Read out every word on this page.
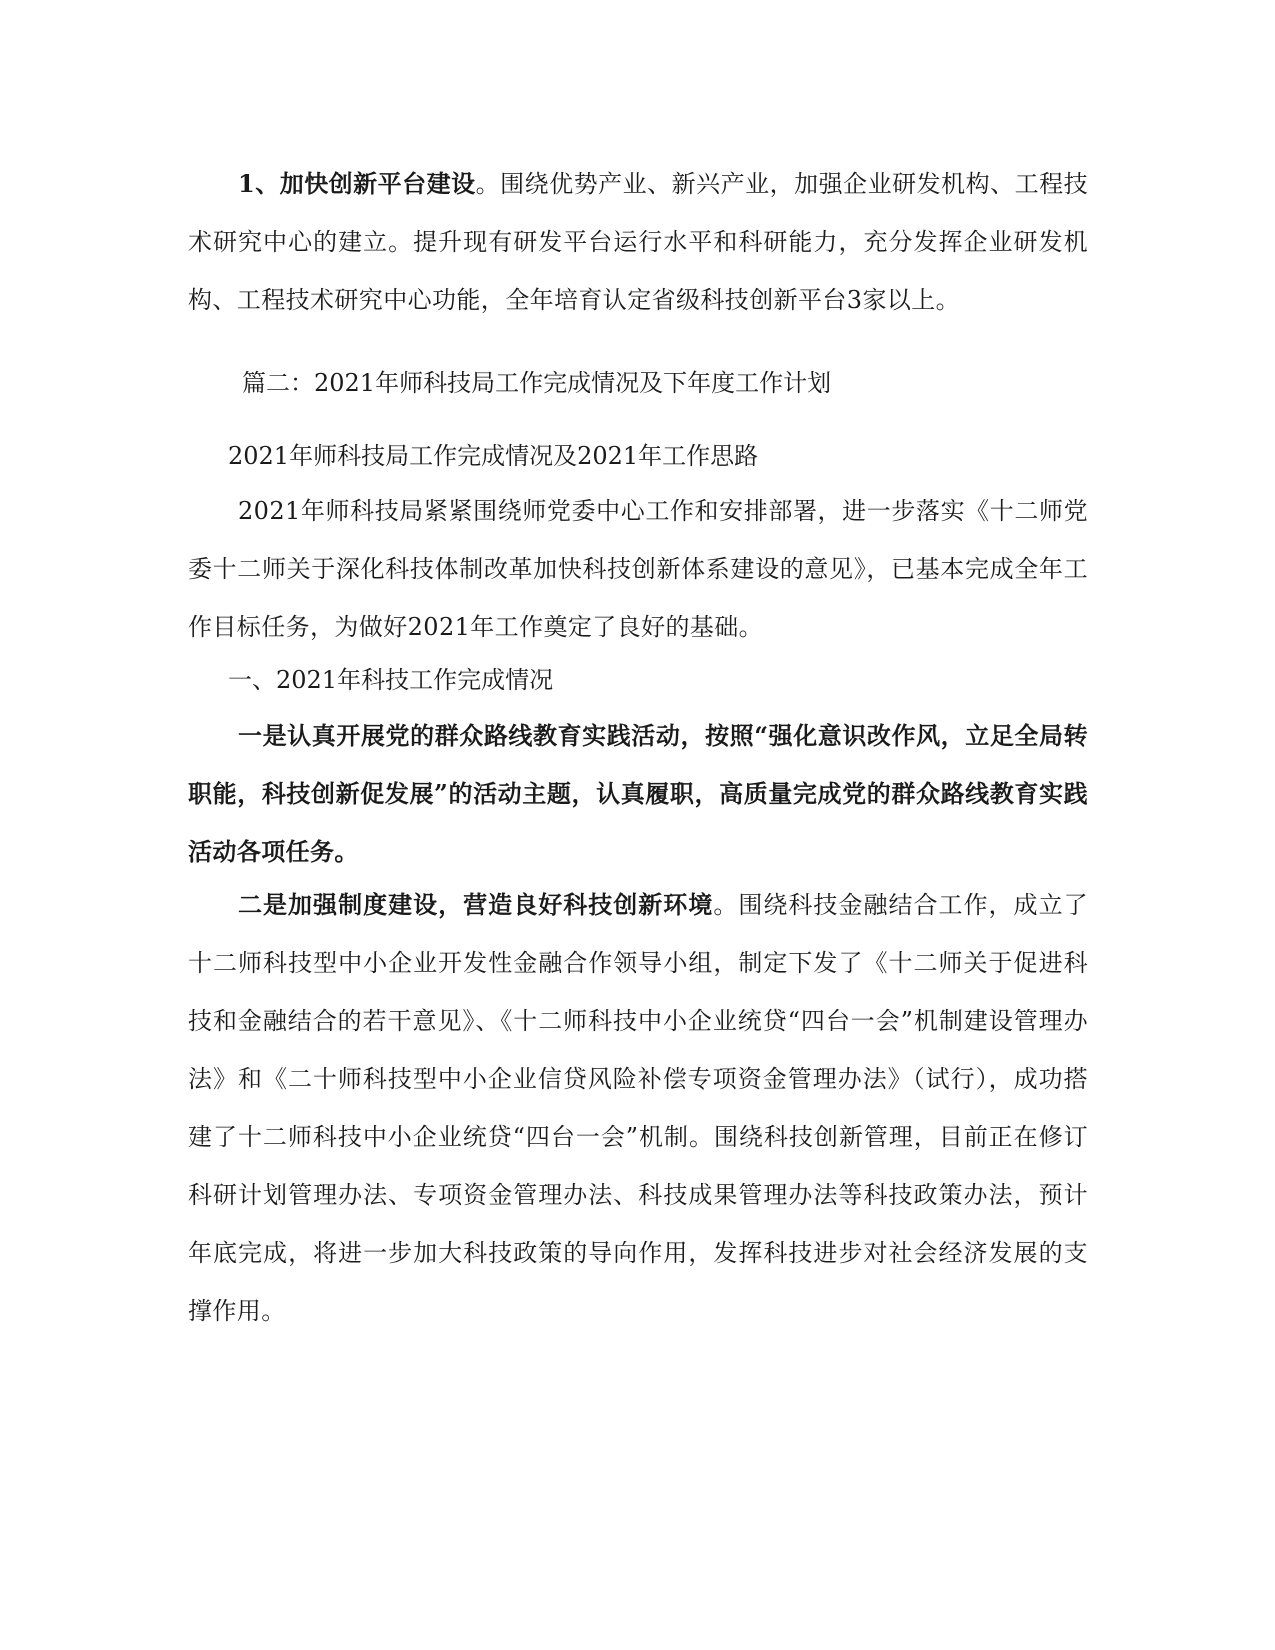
1、加快创新平台建设。围绕优势产业、新兴产业，加强企业研发机构、工程技术研究中心的建立。提升现有研发平台运行水平和科研能力，充分发挥企业研发机构、工程技术研究中心功能，全年培育认定省级科技创新平台3家以上。

篇二：2021年师科技局工作完成情况及下年度工作计划

2021年师科技局工作完成情况及2021年工作思路

2021年师科技局紧紧围绕师党委中心工作和安排部署，进一步落实《十二师党委十二师关于深化科技体制改革加快科技创新体系建设的意见》，已基本完成全年工作目标任务，为做好2021年工作奠定了良好的基础。

一、2021年科技工作完成情况

一是认真开展党的群众路线教育实践活动，按照“强化意识改作风，立足全局转职能，科技创新促发展”的活动主题，认真履职，高质量完成党的群众路线教育实践活动各项任务。

二是加强制度建设，营造良好科技创新环境。围绕科技金融结合工作，成立了十二师科技型中小企业开发性金融合作领导小组，制定下发了《十二师关于促进科技和金融结合的若干意见》、《十二师科技中小企业统贷“四台一会”机制建设管理办法》和《二十师科技型中小企业信贷风险补偿专项资金管理办法》（试行），成功搭建了十二师科技中小企业统贷“四台一会”机制。围绕科技创新管理，目前正在修订科研计划管理办法、专项资金管理办法、科技成果管理办法等科技政策办法，预计年底完成，将进一步加大科技政策的导向作用，发挥科技进步对社会经济发展的支撑作用。
